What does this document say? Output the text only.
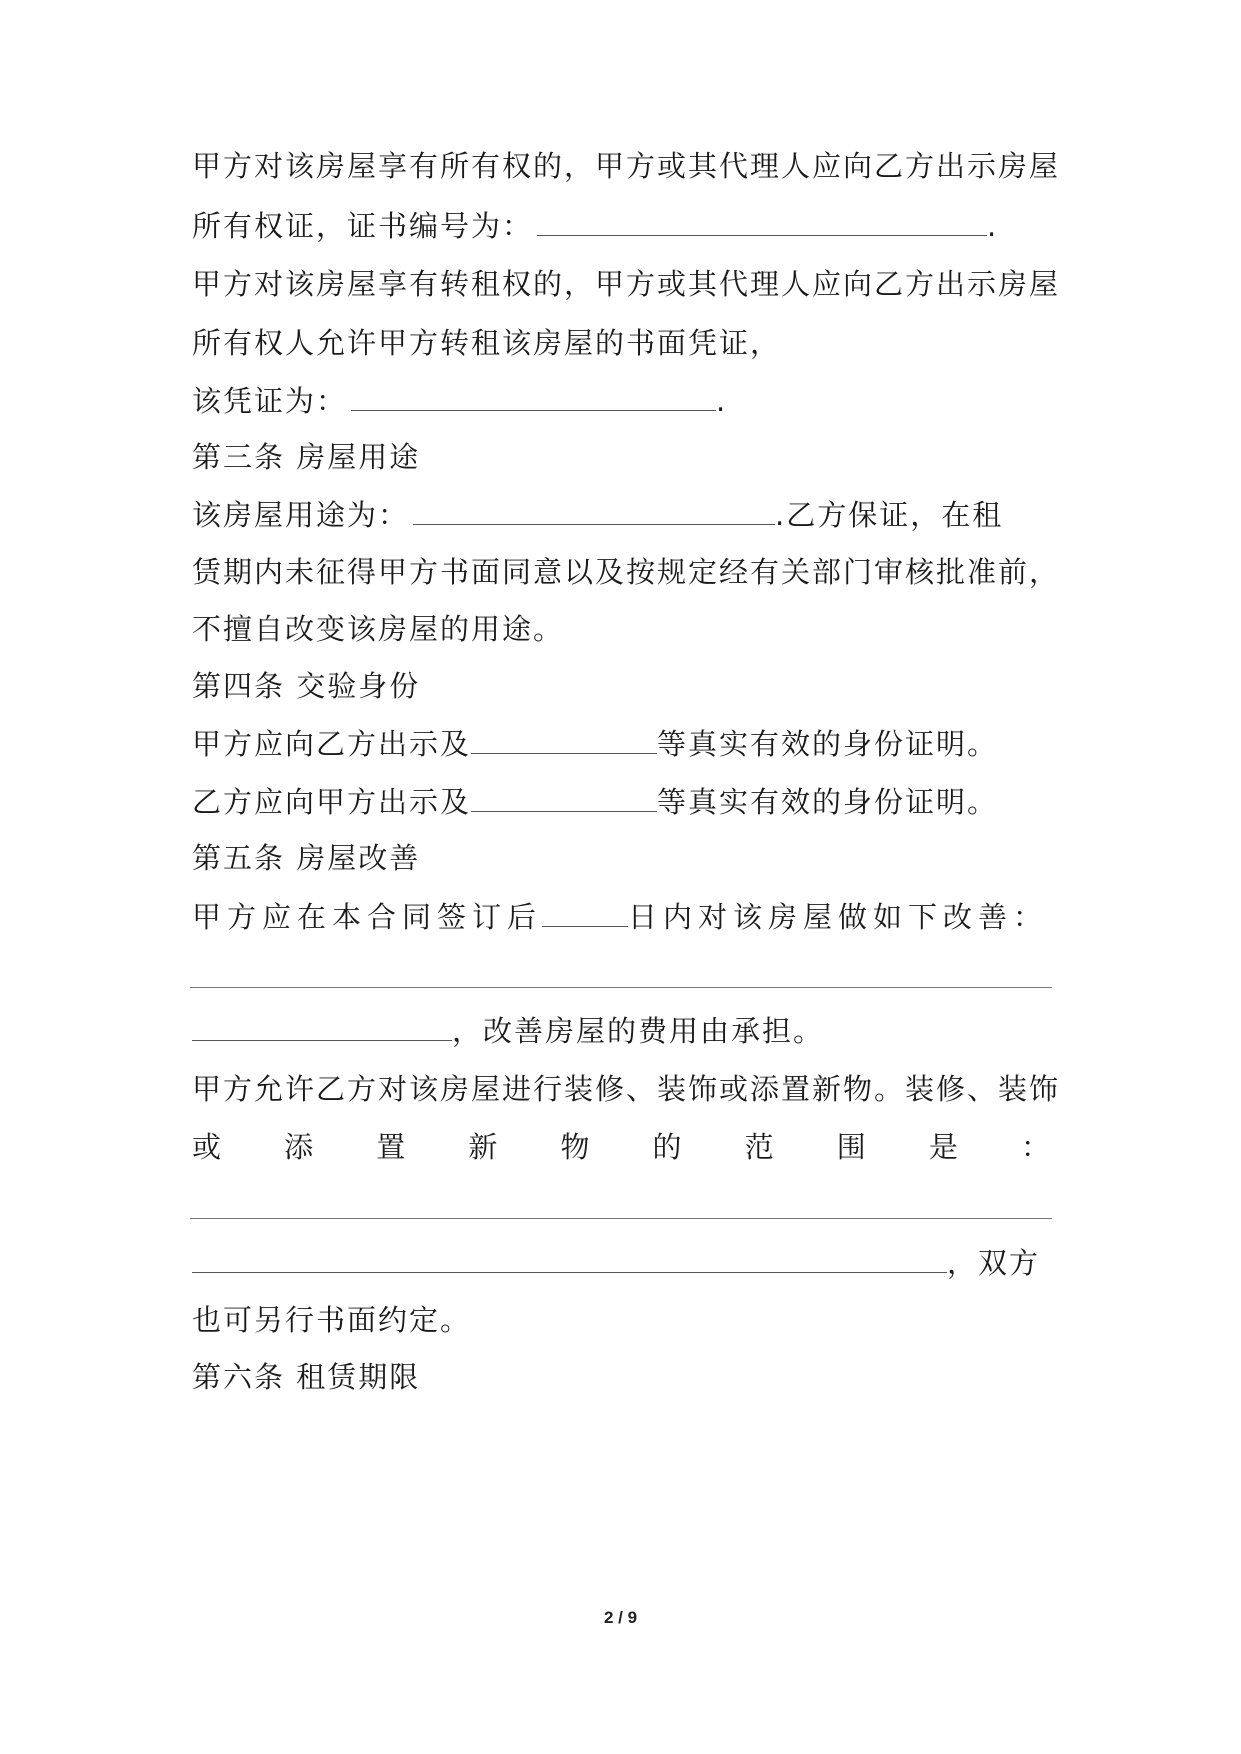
甲方对该房屋享有所有权的，甲方或其代理人应向乙方出示房屋
所有权证，证书编号为：	.
甲方对该房屋享有转租权的，甲方或其代理人应向乙方出示房屋
所有权人允许甲方转租该房屋的书面凭证，
该凭证为：	.
第三条 房屋用途
该房屋用途为：	.乙方保证，在租
赁期内未征得甲方书面同意以及按规定经有关部门审核批准前，
不擅自改变该房屋的用途。
第四条 交验身份
甲方应向乙方出示及	等真实有效的身份证明。
乙方应向甲方出示及	等真实有效的身份证明。
第五条 房屋改善
甲方应在本合同签订后	日内对该房屋做如下改善：
，改善房屋的费用由承担。
甲方允许乙方对该房屋进行装修、装饰或添置新物。装修、装饰
或 添 置 新 物 的 范 围 是 ：
，双方
也可另行书面约定。
第六条 租赁期限
2 / 9
